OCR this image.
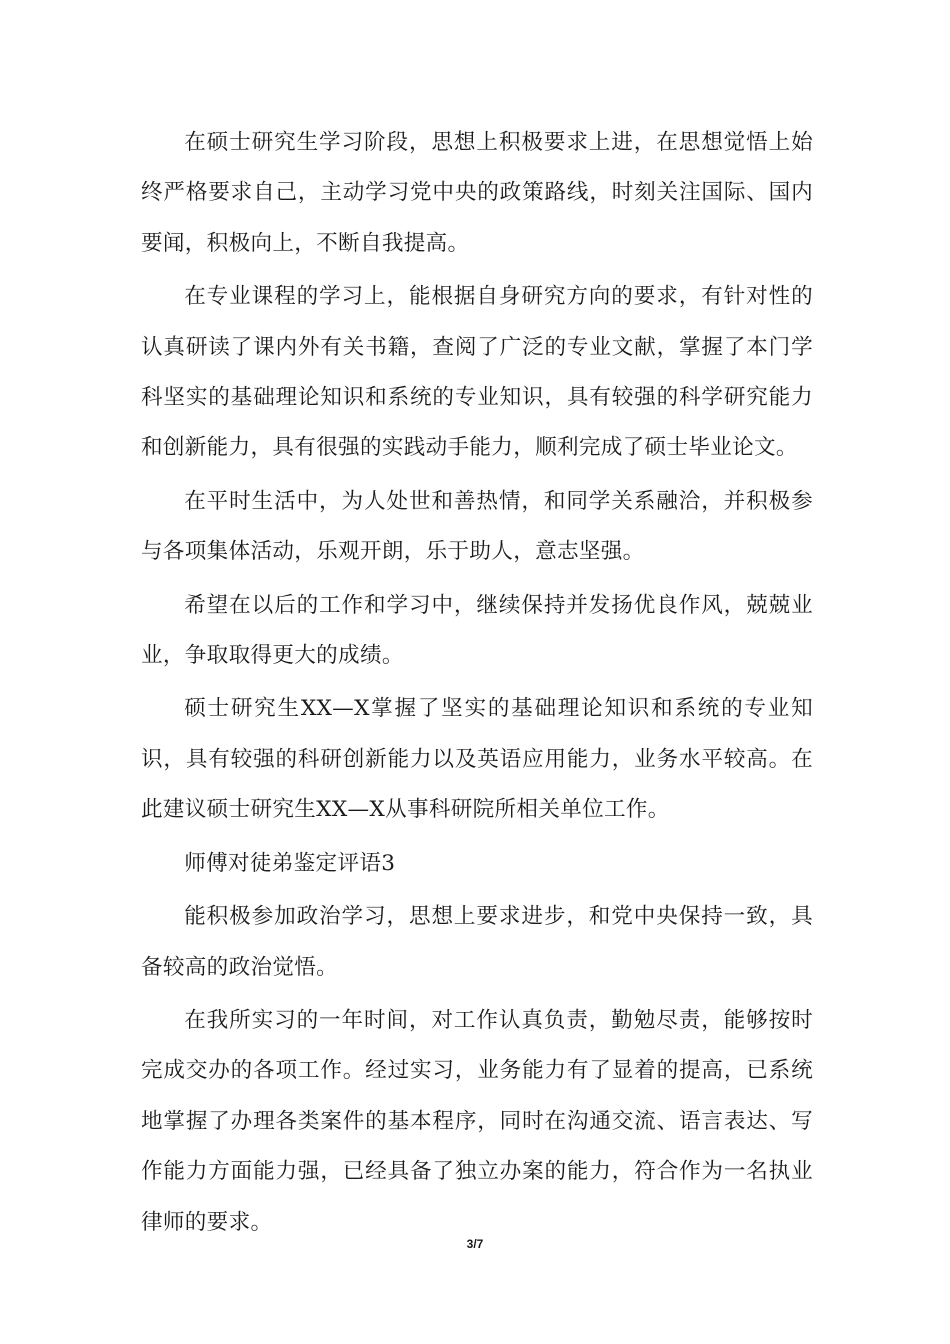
在硕士研究生学习阶段，思想上积极要求上进，在思想觉悟上始终严格要求自己，主动学习党中央的政策路线，时刻关注国际、国内要闻，积极向上，不断自我提高。

在专业课程的学习上，能根据自身研究方向的要求，有针对性的认真研读了课内外有关书籍，查阅了广泛的专业文献，掌握了本门学科坚实的基础理论知识和系统的专业知识，具有较强的科学研究能力和创新能力，具有很强的实践动手能力，顺利完成了硕士毕业论文。

在平时生活中，为人处世和善热情，和同学关系融洽，并积极参与各项集体活动，乐观开朗，乐于助人，意志坚强。

希望在以后的工作和学习中，继续保持并发扬优良作风，兢兢业业，争取取得更大的成绩。

硕士研究生XX—X掌握了坚实的基础理论知识和系统的专业知识，具有较强的科研创新能力以及英语应用能力，业务水平较高。在此建议硕士研究生XX—X从事科研院所相关单位工作。

师傅对徒弟鉴定评语3

能积极参加政治学习，思想上要求进步，和党中央保持一致，具备较高的政治觉悟。

在我所实习的一年时间，对工作认真负责，勤勉尽责，能够按时完成交办的各项工作。经过实习，业务能力有了显着的提高，已系统地掌握了办理各类案件的基本程序，同时在沟通交流、语言表达、写作能力方面能力强，已经具备了独立办案的能力，符合作为一名执业律师的要求。

3/7
